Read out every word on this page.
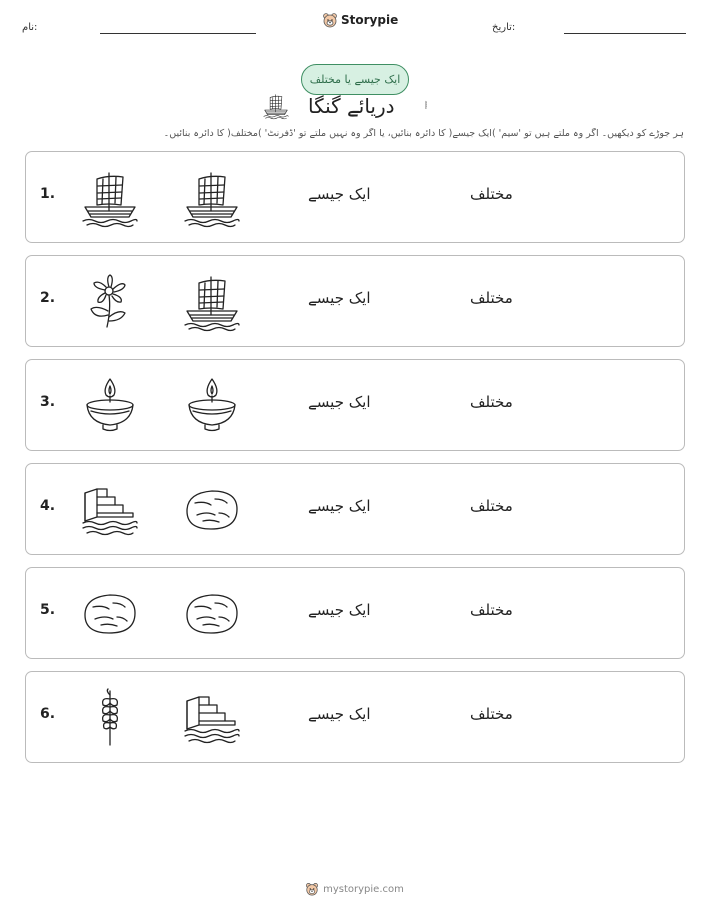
نام:
Storypie
تاریخ:
ایک جیسے یا مختلف
دریائے گنگا
ہر جوڑے کو دیکھیں۔ اگر وہ ملتے ہیں تو 'سیم' )ایک جیسے( کا دائرہ بنائیں، یا اگر وہ نہیں ملتے تو 'ڈفرنٹ' )مختلف( کا دائرہ بنائیں۔
1.	ایک جیسے	مختلف
2.	ایک جیسے	مختلف
3.	ایک جیسے	مختلف
4.	ایک جیسے	مختلف
5.	ایک جیسے	مختلف
6.	ایک جیسے	مختلف
mystorypie.com
